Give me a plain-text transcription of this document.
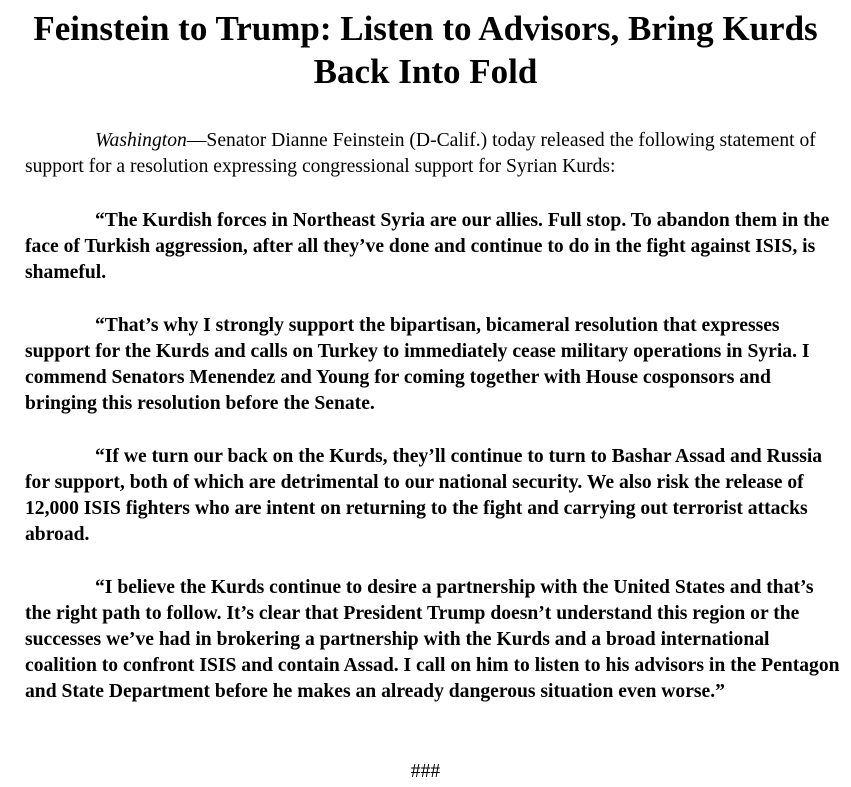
Feinstein to Trump: Listen to Advisors, Bring Kurds Back Into Fold

Washington—Senator Dianne Feinstein (D-Calif.) today released the following statement of support for a resolution expressing congressional support for Syrian Kurds:

“The Kurdish forces in Northeast Syria are our allies. Full stop. To abandon them in the face of Turkish aggression, after all they’ve done and continue to do in the fight against ISIS, is shameful.

“That’s why I strongly support the bipartisan, bicameral resolution that expresses support for the Kurds and calls on Turkey to immediately cease military operations in Syria. I commend Senators Menendez and Young for coming together with House cosponsors and bringing this resolution before the Senate.

“If we turn our back on the Kurds, they’ll continue to turn to Bashar Assad and Russia for support, both of which are detrimental to our national security. We also risk the release of 12,000 ISIS fighters who are intent on returning to the fight and carrying out terrorist attacks abroad.

“I believe the Kurds continue to desire a partnership with the United States and that’s the right path to follow. It’s clear that President Trump doesn’t understand this region or the successes we’ve had in brokering a partnership with the Kurds and a broad international coalition to confront ISIS and contain Assad. I call on him to listen to his advisors in the Pentagon and State Department before he makes an already dangerous situation even worse.”

###
